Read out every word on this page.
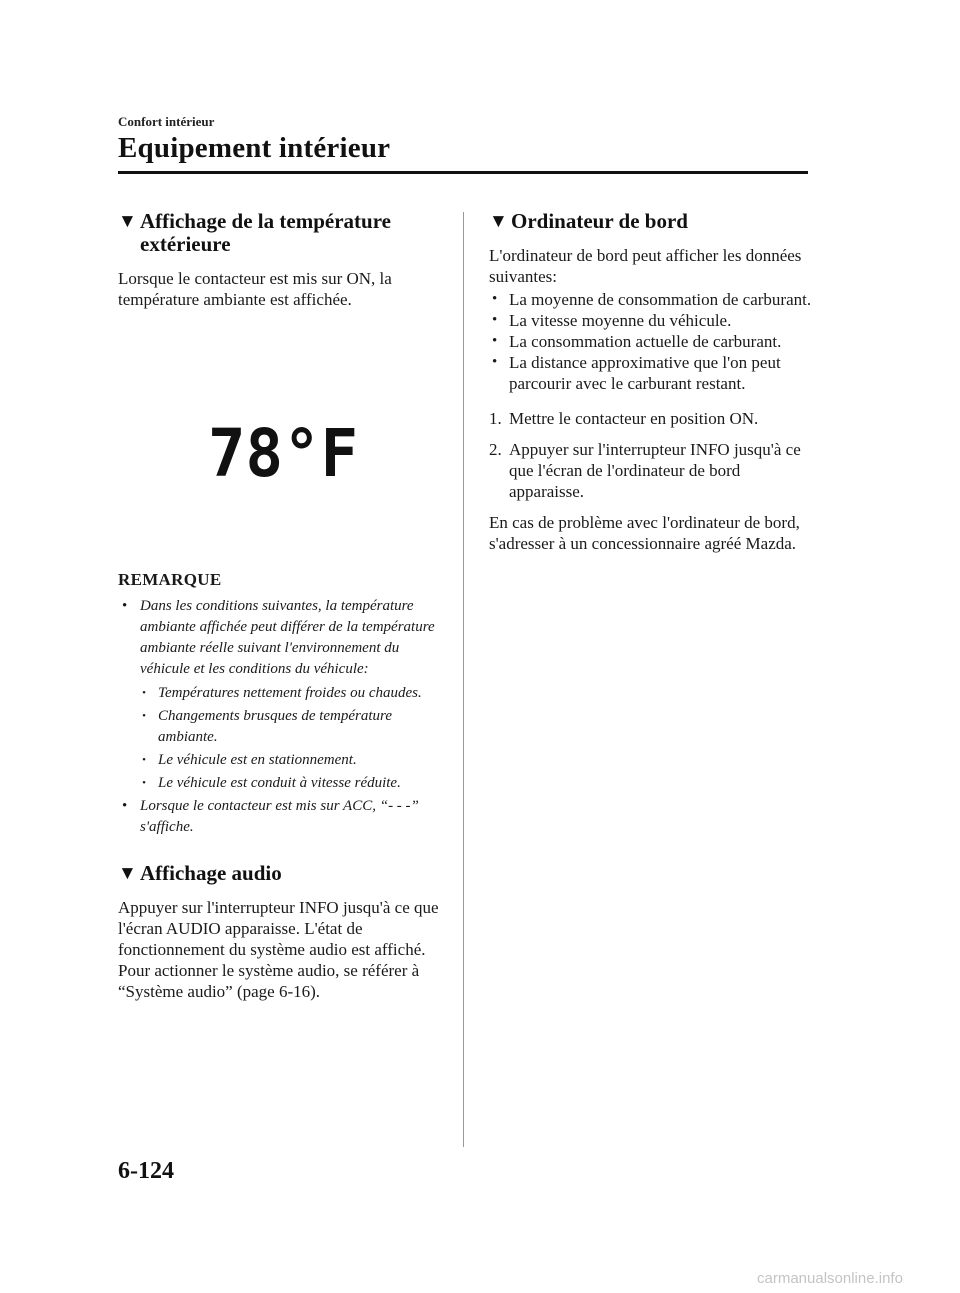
Confort intérieur
Equipement intérieur
▼ Affichage de la température
extérieure

Lorsque le contacteur est mis sur ON, la température ambiante est affichée.

78°F
REMARQUE
• Dans les conditions suivantes, la température ambiante affichée peut différer de la température ambiante réelle suivant l'environnement du véhicule et les conditions du véhicule:
• Températures nettement froides ou chaudes.
• Changements brusques de température ambiante.
• Le véhicule est en stationnement.
• Le véhicule est conduit à vitesse réduite.
• Lorsque le contacteur est mis sur ACC, “- - -” s'affiche.
▼ Affichage audio

Appuyer sur l'interrupteur INFO jusqu'à ce que l'écran AUDIO apparaisse. L'état de fonctionnement du système audio est affiché.

Pour actionner le système audio, se référer à “Système audio” (page 6-16).

▼ Ordinateur de bord

L'ordinateur de bord peut afficher les données suivantes:

• La moyenne de consommation de carburant.
• La vitesse moyenne du véhicule.
• La consommation actuelle de carburant.
• La distance approximative que l'on peut parcourir avec le carburant restant.
1. Mettre le contacteur en position ON.
2. Appuyer sur l'interrupteur INFO jusqu'à ce que l'écran de l'ordinateur de bord apparaisse.

En cas de problème avec l'ordinateur de bord, s'adresser à un concessionnaire agréé Mazda.

6-124
carmanualsonline.info
